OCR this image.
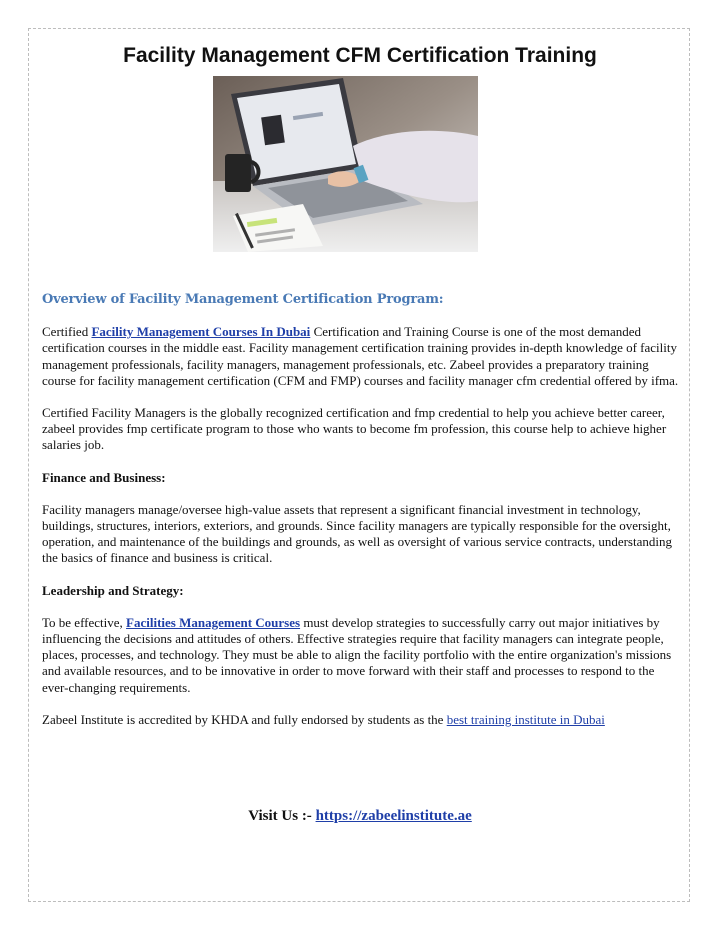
Facility Management CFM Certification Training

Overview of Facility Management Certification Program:

Certified Facility Management Courses In Dubai Certification and Training Course is one of the most demanded certification courses in the middle east. Facility management certification training provides in-depth knowledge of facility management professionals, facility managers, management professionals, etc. Zabeel provides a preparatory training course for facility management certification (CFM and FMP) courses and facility manager cfm credential offered by ifma.

Certified Facility Managers is the globally recognized certification and fmp credential to help you achieve better career, zabeel provides fmp certificate program to those who wants to become fm profession, this course help to achieve higher salaries job.

Finance and Business:

Facility managers manage/oversee high-value assets that represent a significant financial investment in technology, buildings, structures, interiors, exteriors, and grounds. Since facility managers are typically responsible for the oversight, operation, and maintenance of the buildings and grounds, as well as oversight of various service contracts, understanding the basics of finance and business is critical.

Leadership and Strategy:

To be effective, Facilities Management Courses must develop strategies to successfully carry out major initiatives by influencing the decisions and attitudes of others. Effective strategies require that facility managers can integrate people, places, processes, and technology. They must be able to align the facility portfolio with the entire organization's missions and available resources, and to be innovative in order to move forward with their staff and processes to respond to the ever-changing requirements.

Zabeel Institute is accredited by KHDA and fully endorsed by students as the best training institute in Dubai

Visit Us :- https://zabeelinstitute.ae
